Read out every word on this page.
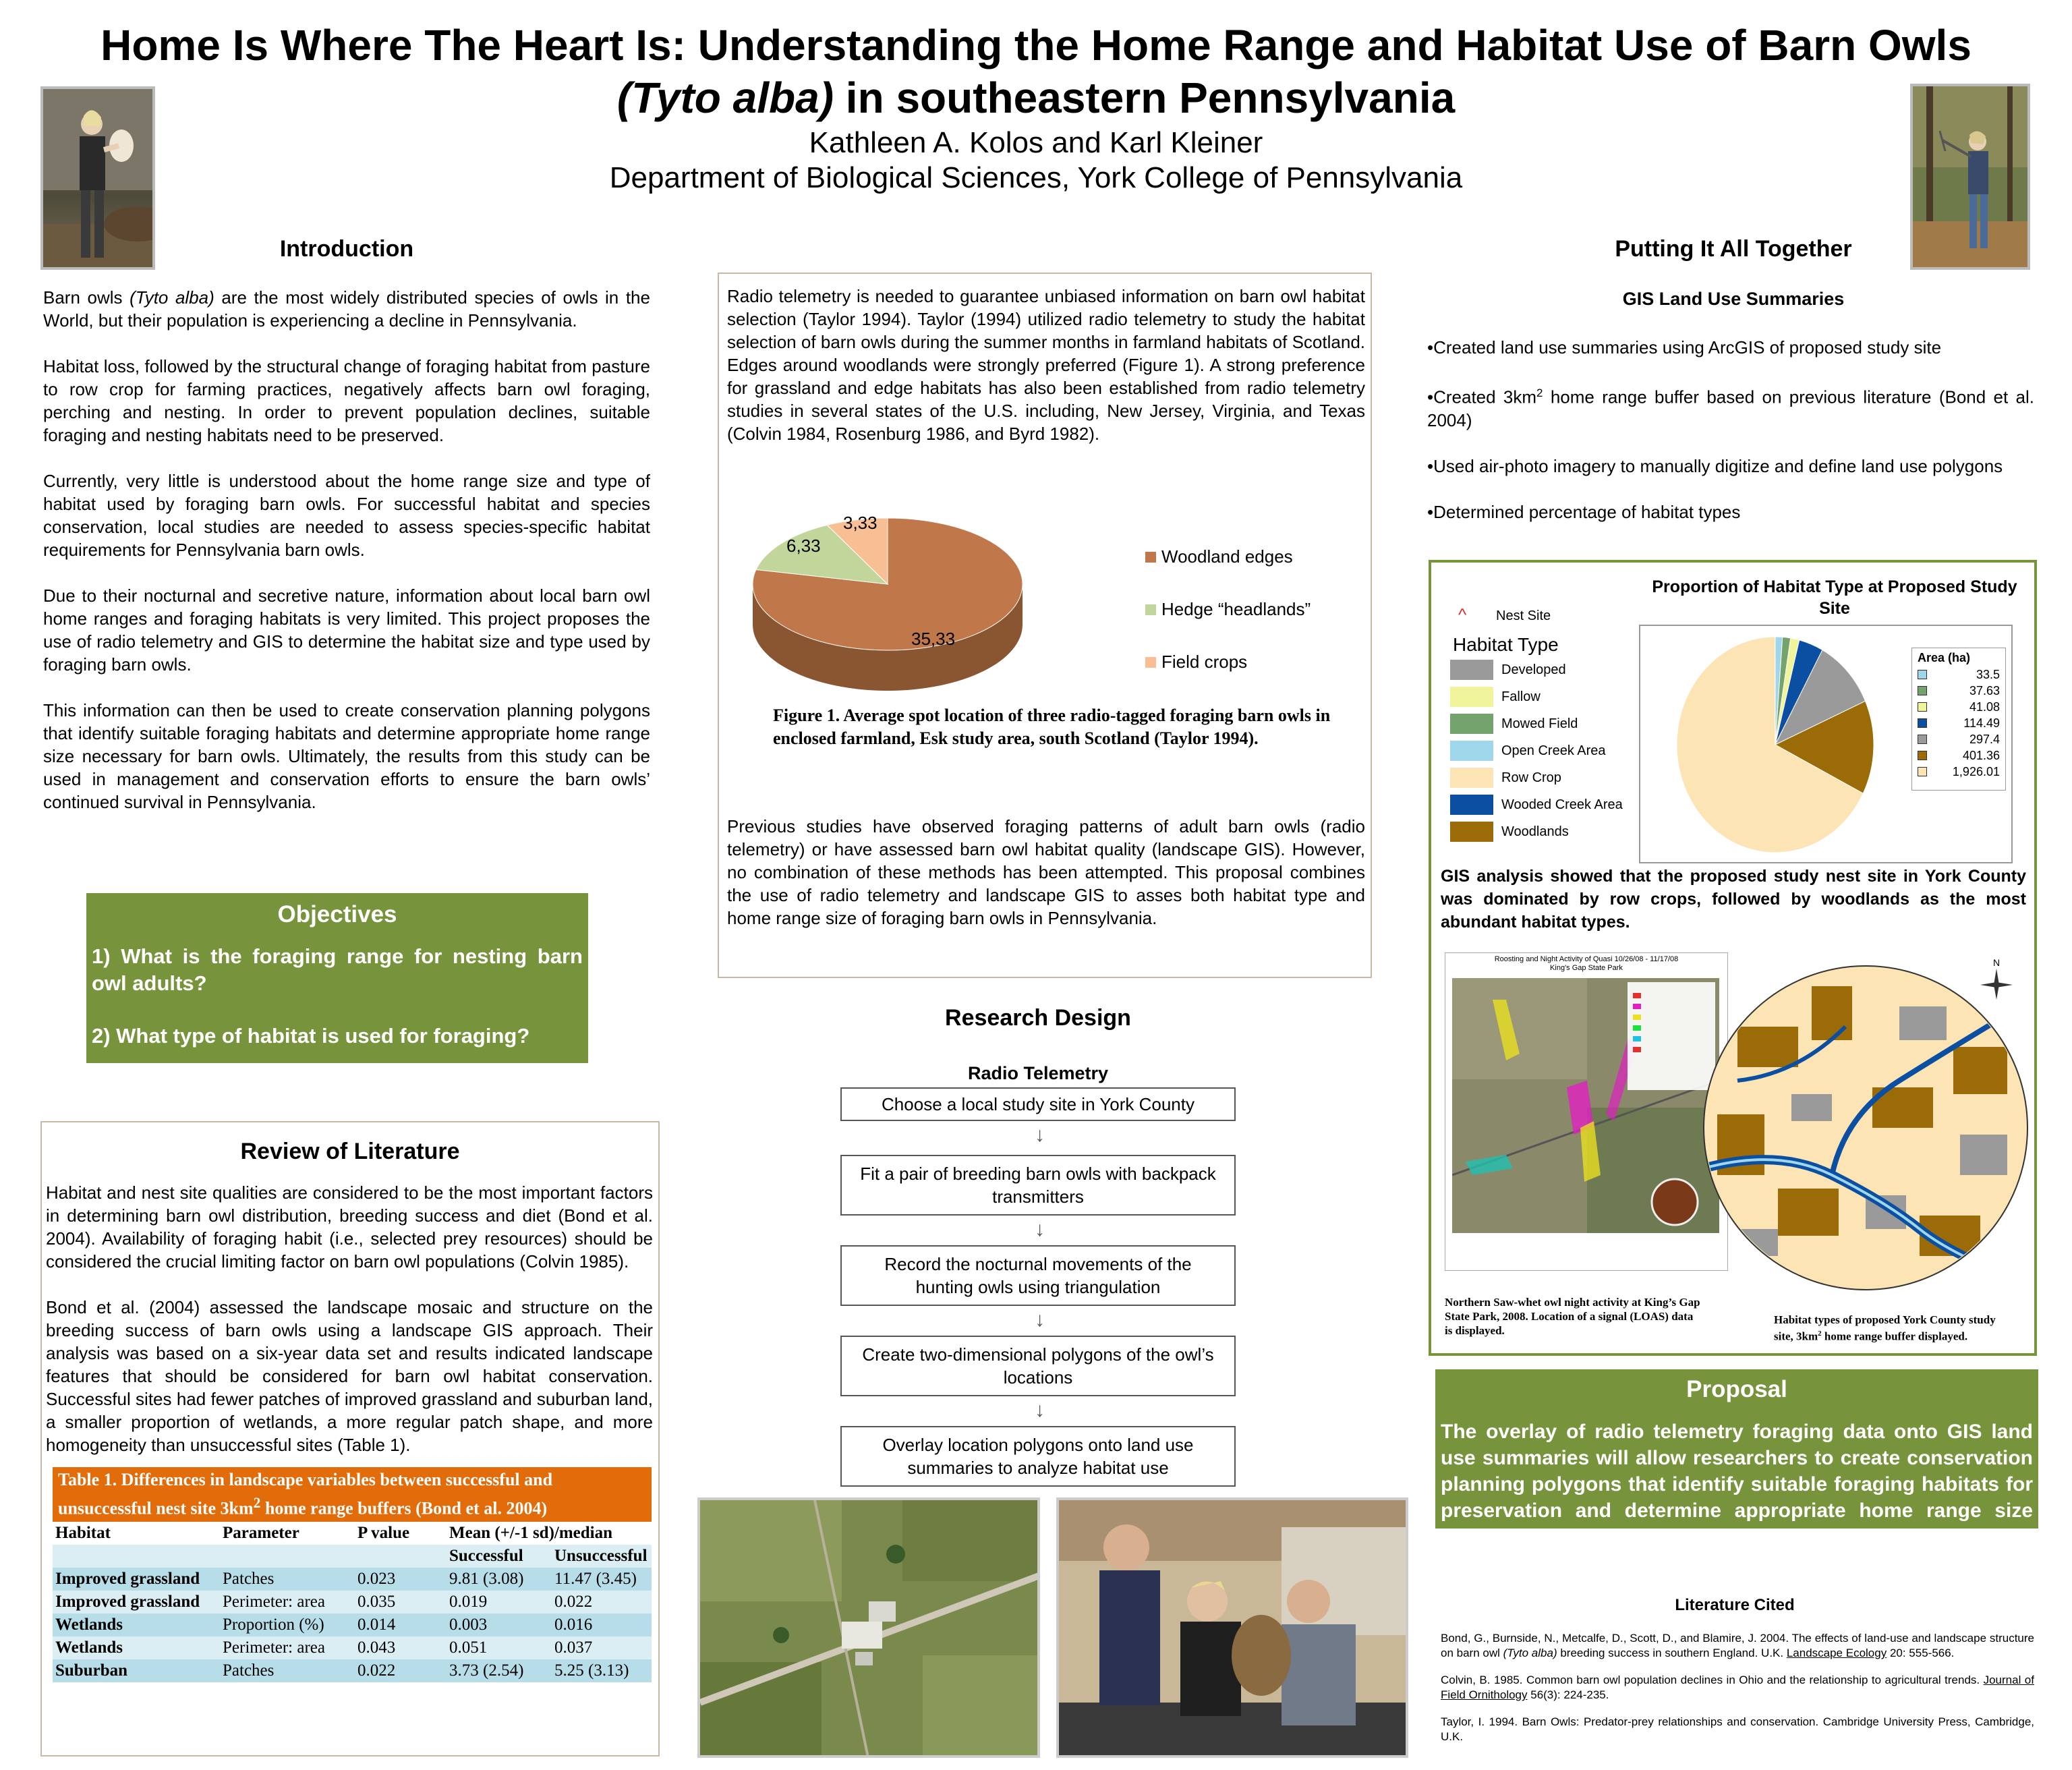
Home Is Where The Heart Is: Understanding the Home Range and Habitat Use of Barn Owls
(Tyto alba) in southeastern Pennsylvania
Kathleen A. Kolos and Karl Kleiner
Department of Biological Sciences, York College of Pennsylvania
Introduction

Barn owls (Tyto alba) are the most widely distributed species of owls in the World, but their population is experiencing a decline in Pennsylvania.

Habitat loss, followed by the structural change of foraging habitat from pasture to row crop for farming practices, negatively affects barn owl foraging, perching and nesting. In order to prevent population declines, suitable foraging and nesting habitats need to be preserved.

Currently, very little is understood about the home range size and type of habitat used by foraging barn owls. For successful habitat and species conservation, local studies are needed to assess species-specific habitat requirements for Pennsylvania barn owls.

Due to their nocturnal and secretive nature, information about local barn owl home ranges and foraging habitats is very limited. This project proposes the use of radio telemetry and GIS to determine the habitat size and type used by foraging barn owls.

This information can then be used to create conservation planning polygons that identify suitable foraging habitats and determine appropriate home range size necessary for barn owls. Ultimately, the results from this study can be used in management and conservation efforts to ensure the barn owls’ continued survival in Pennsylvania.

Objectives
1) What is the foraging range for nesting barn owl adults?
2) What type of habitat is used for foraging?
Review of Literature

Habitat and nest site qualities are considered to be the most important factors in determining barn owl distribution, breeding success and diet (Bond et al. 2004). Availability of foraging habit (i.e., selected prey resources) should be considered the crucial limiting factor on barn owl populations (Colvin 1985).

Bond et al. (2004) assessed the landscape mosaic and structure on the breeding success of barn owls using a landscape GIS approach. Their analysis was based on a six-year data set and results indicated landscape features that should be considered for barn owl habitat conservation. Successful sites had fewer patches of improved grassland and suburban land, a smaller proportion of wetlands, a more regular patch shape, and more homogeneity than unsuccessful sites (Table 1).

Table 1. Differences in landscape variables between successful and unsuccessful nest site $3km^2$ home range buffers (Bond et al. 2004)
Habitat	Parameter	P value	Mean (+/-1 sd)/median	
			Successful	Unsuccessful
Improved grassland	Patches	0.023	9.81 (3.08)	11.47 (3.45)
Improved grassland	Perimeter: area	0.035	0.019	0.022
Wetlands	Proportion (%)	0.014	0.003	0.016
Wetlands	Perimeter: area	0.043	0.051	0.037
Suburban	Patches	0.022	3.73 (2.54)	5.25 (3.13)
Radio telemetry is needed to guarantee unbiased information on barn owl habitat selection (Taylor 1994). Taylor (1994) utilized radio telemetry to study the habitat selection of barn owls during the summer months in farmland habitats of Scotland. Edges around woodlands were strongly preferred (Figure 1). A strong preference for grassland and edge habitats has also been established from radio telemetry studies in several states of the U.S. including, New Jersey, Virginia, and Texas (Colvin 1984, Rosenburg 1986, and Byrd 1982).
35,33
6,33
3,33
Woodland edges
Hedge “headlands”
Field crops
Figure 1. Average spot location of three radio-tagged foraging barn owls in enclosed farmland, Esk study area, south Scotland (Taylor 1994).
Previous studies have observed foraging patterns of adult barn owls (radio telemetry) or have assessed barn owl habitat quality (landscape GIS). However, no combination of these methods has been attempted. This proposal combines the use of radio telemetry and landscape GIS to asses both habitat type and home range size of foraging barn owls in Pennsylvania.
Research Design
Radio Telemetry
Choose a local study site in York County
↓
Fit a pair of breeding barn owls with backpack transmitters
↓
Record the nocturnal movements of the hunting owls using triangulation
↓
Create two-dimensional polygons of the owl’s locations
↓
Overlay location polygons onto land use summaries to analyze habitat use
Putting It All Together
GIS Land Use Summaries

•Created land use summaries using ArcGIS of proposed study site

•Created $3km^2$ home range buffer based on previous literature (Bond et al. 2004)

•Used air-photo imagery to manually digitize and define land use polygons

•Determined percentage of habitat types

^ Nest Site
Habitat Type
Developed
Fallow
Mowed Field
Open Creek Area
Row Crop
Wooded Creek Area
Woodlands
Proportion of Habitat Type at Proposed Study Site
Area (ha)
33.5
37.63
41.08
114.49
297.4
401.36
1,926.01
GIS analysis showed that the proposed study nest site in York County was dominated by row crops, followed by woodlands as the most abundant habitat types.
Roosting and Night Activity of Quasi 10/26/08 - 11/17/08
King's Gap State Park	N
Northern Saw-whet owl night activity at King’s Gap State Park, 2008. Location of a signal (LOAS) data is displayed.
Habitat types of proposed York County study site, $3km^2$ home range buffer displayed.
Proposal
The overlay of radio telemetry foraging data onto GIS land use summaries will allow researchers to create conservation planning polygons that identify suitable foraging habitats for preservation and determine appropriate home range size necessary for barn owls.
Literature Cited

Bond, G., Burnside, N., Metcalfe, D., Scott, D., and Blamire, J. 2004. The effects of land-use and landscape structure on barn owl (Tyto alba) breeding success in southern England. U.K. Landscape Ecology 20: 555-566.

Colvin, B. 1985. Common barn owl population declines in Ohio and the relationship to agricultural trends. Journal of Field Ornithology 56(3): 224-235.

Taylor, I. 1994. Barn Owls: Predator-prey relationships and conservation. Cambridge University Press, Cambridge, U.K.
